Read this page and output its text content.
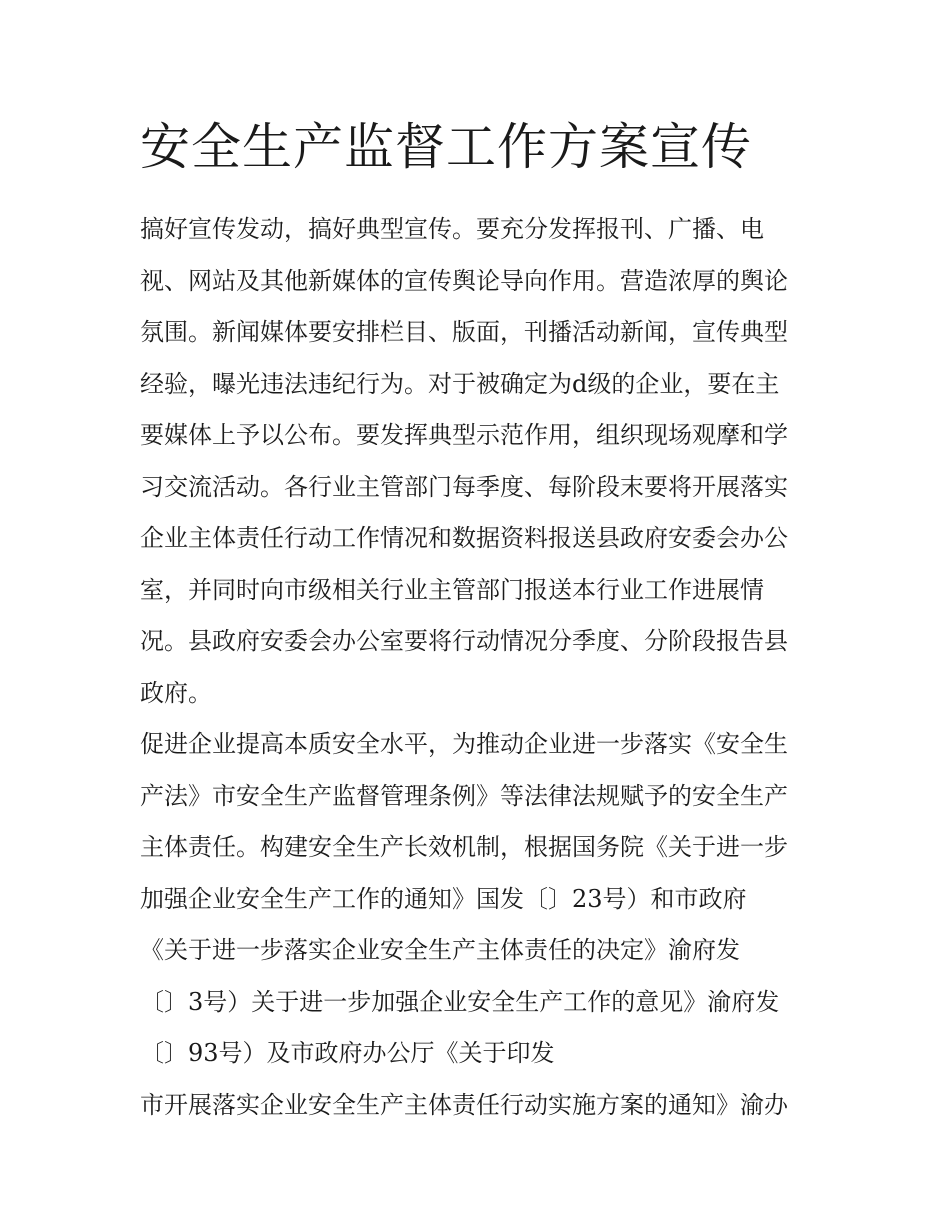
安全生产监督工作方案宣传
搞好宣传发动，搞好典型宣传。要充分发挥报刊、广播、电
视、网站及其他新媒体的宣传舆论导向作用。营造浓厚的舆论
氛围。新闻媒体要安排栏目、版面，刊播活动新闻，宣传典型
经验，曝光违法违纪行为。对于被确定为d级的企业，要在主
要媒体上予以公布。要发挥典型示范作用，组织现场观摩和学
习交流活动。各行业主管部门每季度、每阶段末要将开展落实
企业主体责任行动工作情况和数据资料报送县政府安委会办公
室，并同时向市级相关行业主管部门报送本行业工作进展情
况。县政府安委会办公室要将行动情况分季度、分阶段报告县
政府。
促进企业提高本质安全水平，为推动企业进一步落实《安全生
产法》市安全生产监督管理条例》等法律法规赋予的安全生产
主体责任。构建安全生产长效机制，根据国务院《关于进一步
加强企业安全生产工作的通知》国发〔〕23号）和市政府
《关于进一步落实企业安全生产主体责任的决定》渝府发
〔〕3号）关于进一步加强企业安全生产工作的意见》渝府发
〔〕93号）及市政府办公厅《关于印发
市开展落实企业安全生产主体责任行动实施方案的通知》渝办
